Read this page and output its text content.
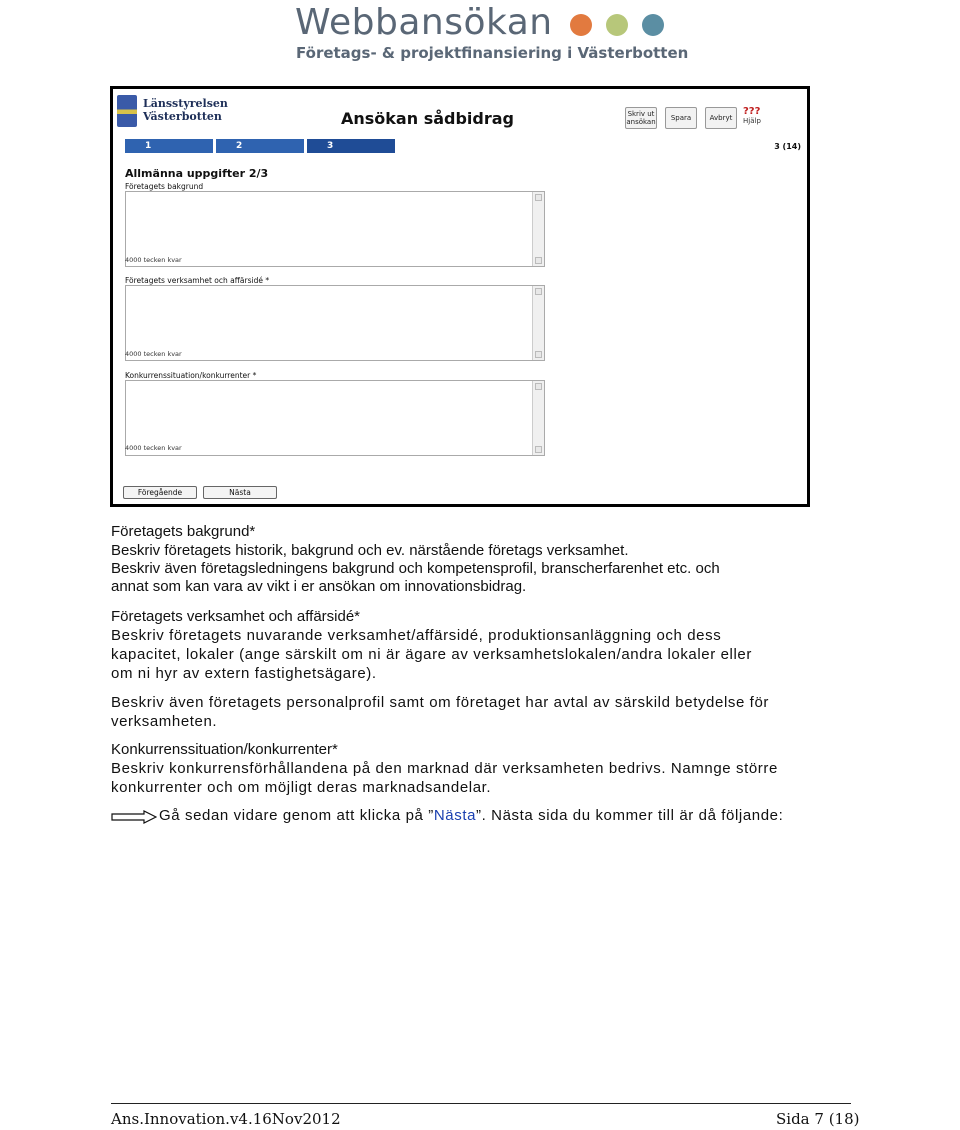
Webbansökan
Företags- & projektfinansiering i Västerbotten
Länsstyrelsen
Västerbotten	Ansökan sådbidrag	Skriv ut ansökan	Spara	Avbryt
???
Hjälp
1	2	3	3 (14)
Allmänna uppgifter 2/3
Företagets bakgrund
4000 tecken kvar
Företagets verksamhet och affärsidé *
4000 tecken kvar
Konkurrenssituation/konkurrenter *
4000 tecken kvar
Föregående	Nästa
Företagets bakgrund*
Beskriv företagets historik, bakgrund och ev. närstående företags verksamhet.
Beskriv även företagsledningens bakgrund och kompetensprofil, branscherfarenhet etc. och
annat som kan vara av vikt i er ansökan om innovationsbidrag.
Företagets verksamhet och affärsidé*
Beskriv företagets nuvarande verksamhet/affärsidé, produktionsanläggning och dess
kapacitet, lokaler (ange särskilt om ni är ägare av verksamhetslokalen/andra lokaler eller
om ni hyr av extern fastighetsägare).
Beskriv även företagets personalprofil samt om företaget har avtal av särskild betydelse för
verksamheten.
Konkurrenssituation/konkurrenter*
Beskriv konkurrensförhållandena på den marknad där verksamheten bedrivs. Namnge större
konkurrenter och om möjligt deras marknadsandelar.
Gå sedan vidare genom att klicka på ”Nästa”. Nästa sida du kommer till är då följande:
Ans.Innovation.v4.16Nov2012	Sida 7 (18)
